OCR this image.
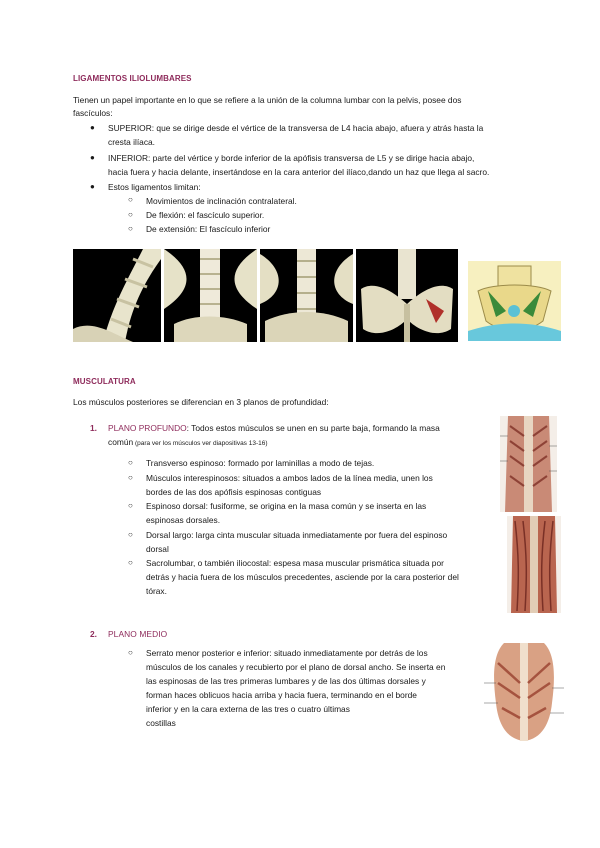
LIGAMENTOS ILIOLUMBARES
Tienen un papel importante en lo que se refiere a la unión de la columna lumbar con la pelvis, posee dos
fascículos:
● SUPERIOR: que se dirige desde el vértice de la transversa de L4 hacia abajo, afuera y atrás hasta la
cresta ilíaca.
● INFERIOR: parte del vértice y borde inferior de la apófisis transversa de L5 y se dirige hacia abajo,
hacia fuera y hacia delante, insertándose en la cara anterior del ilíaco,dando un haz que llega al sacro.
● Estos ligamentos limitan:
○ Movimientos de inclinación contralateral.
○ De flexión: el fascículo superior.
○ De extensión: El fascículo inferior
MUSCULATURA
Los músculos posteriores se diferencian en 3 planos de profundidad:
1. PLANO PROFUNDO: Todos estos músculos se unen en su parte baja, formando la masa
común (para ver los músculos ver diapositivas 13-16)
○ Transverso espinoso: formado por laminillas a modo de tejas.
○ Músculos interespinosos: situados a ambos lados de la línea media, unen los
bordes de las dos apófisis espinosas contiguas
○ Espinoso dorsal: fusiforme, se origina en la masa común y se inserta en las
espinosas dorsales.
○ Dorsal largo: larga cinta muscular situada inmediatamente por fuera del espinoso
dorsal
○ Sacrolumbar, o también iliocostal: espesa masa muscular prismática situada por
detrás y hacia fuera de los músculos precedentes, asciende por la cara posterior del
tórax.
2. PLANO MEDIO
○ Serrato menor posterior e inferior: situado inmediatamente por detrás de los
músculos de los canales y recubierto por el plano de dorsal ancho. Se inserta en
las espinosas de las tres primeras lumbares y de las dos últimas dorsales y
forman haces oblicuos hacia arriba y hacia fuera, terminando en el borde
inferior y en la cara externa de las tres o cuatro últimas
costillas
